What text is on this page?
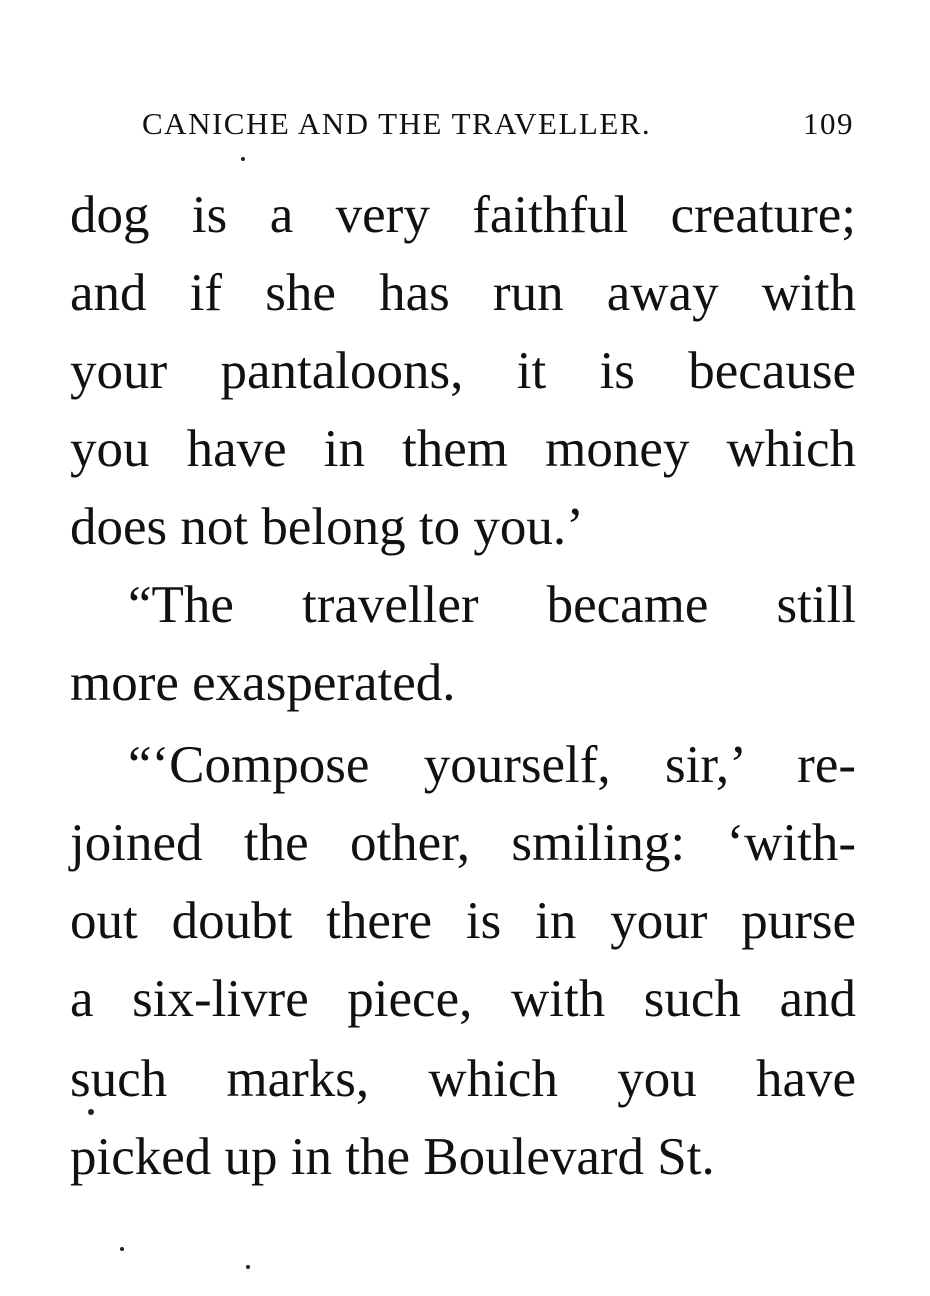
CANICHE AND THE TRAVELLER.	109
dog is a very faithful creature;
and if she has run away with
your pantaloons, it is because
you have in them money which
does not belong to you.’
“The traveller became still
more exasperated.
“‘Compose yourself, sir,’ re-
joined the other, smiling: ‘with-
out doubt there is in your purse
a six-livre piece, with such and
such marks, which you have
picked up in the Boulevard St.
